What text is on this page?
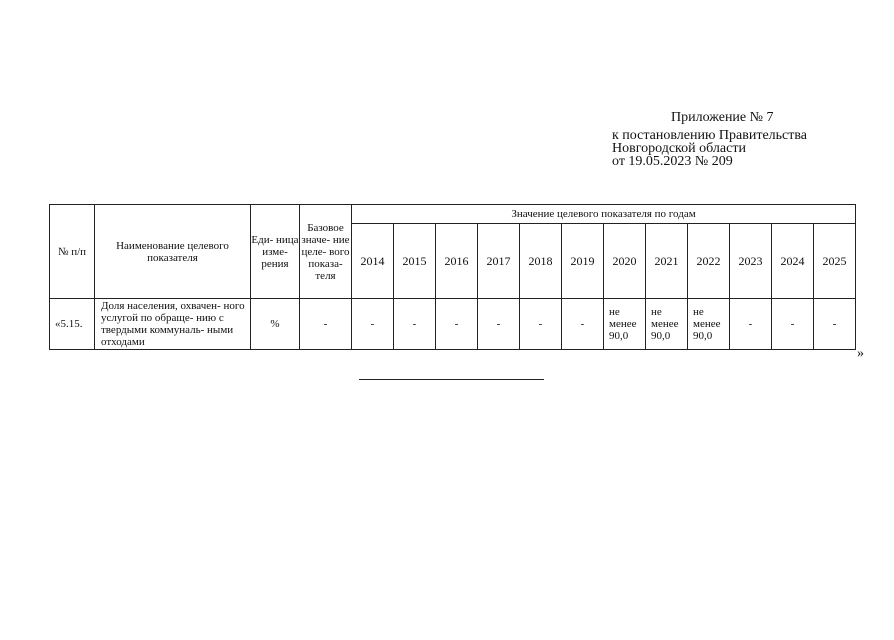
Приложение № 7
к постановлению Правительства
Новгородской области
от 19.05.2023 № 209
№ п/п	Наименование целевого показателя	Еди- ница изме- рения	Базовое значе- ние целе- вого показа- теля	Значение целевого показателя по годам											
				2014	2015	2016	2017	2018	2019	2020	2021	2022	2023	2024	2025
«5.15.	Доля населения, охвачен- ного услугой по обраще- нию с твердыми коммуналь- ными отходами	%	-	-	-	-	-	-	-	не менее 90,0	не менее 90,0	не менее 90,0	-	-	-
»
